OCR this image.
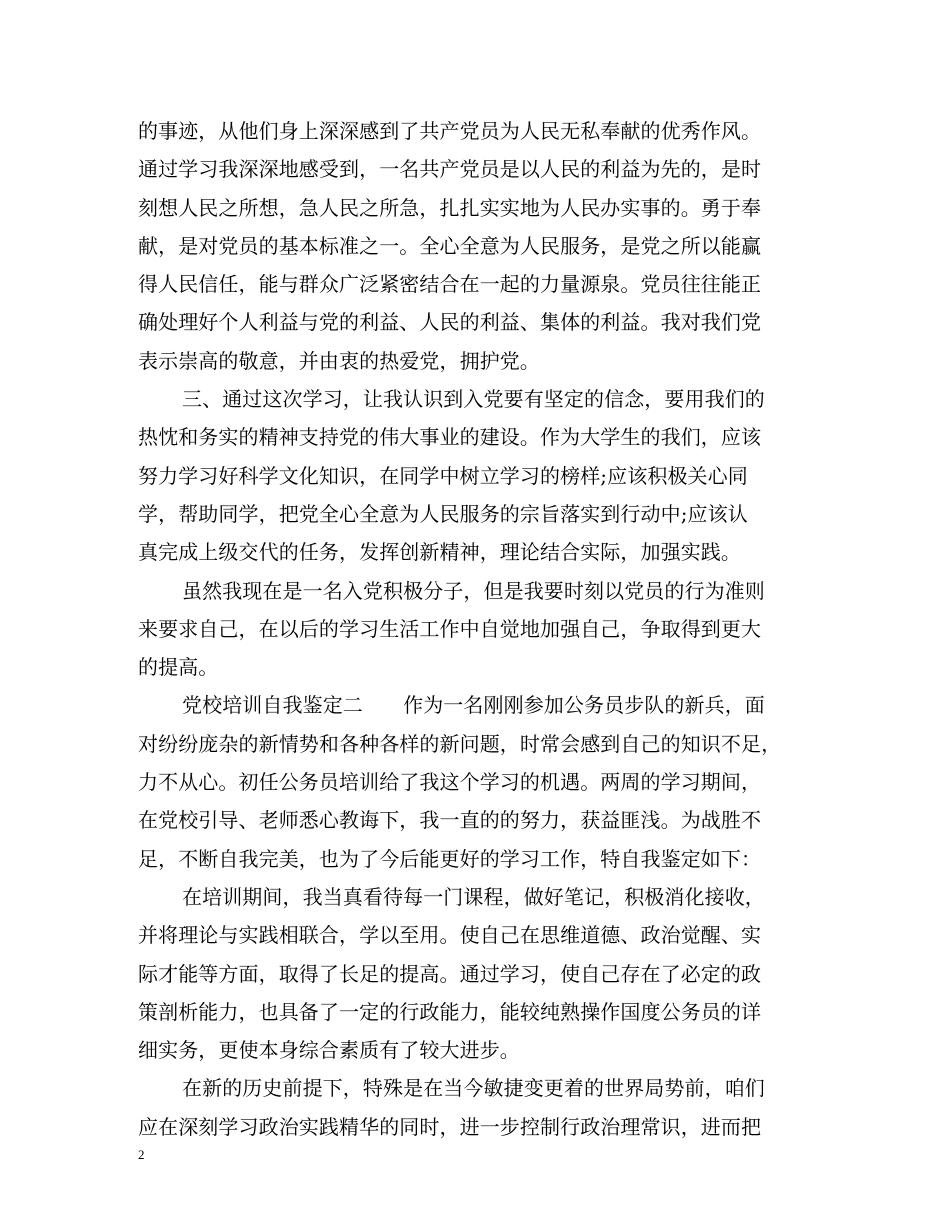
的事迹，从他们身上深深感到了共产党员为人民无私奉献的优秀作风。
通过学习我深深地感受到，一名共产党员是以人民的利益为先的，是时
刻想人民之所想，急人民之所急，扎扎实实地为人民办实事的。勇于奉
献，是对党员的基本标准之一。全心全意为人民服务，是党之所以能赢
得人民信任，能与群众广泛紧密结合在一起的力量源泉。党员往往能正
确处理好个人利益与党的利益、人民的利益、集体的利益。我对我们党
表示崇高的敬意，并由衷的热爱党，拥护党。
三、通过这次学习，让我认识到入党要有坚定的信念，要用我们的
热忱和务实的精神支持党的伟大事业的建设。作为大学生的我们，应该
努力学习好科学文化知识，在同学中树立学习的榜样;应该积极关心同
学，帮助同学，把党全心全意为人民服务的宗旨落实到行动中;应该认
真完成上级交代的任务，发挥创新精神，理论结合实际，加强实践。
虽然我现在是一名入党积极分子，但是我要时刻以党员的行为准则
来要求自己，在以后的学习生活工作中自觉地加强自己，争取得到更大
的提高。
党校培训自我鉴定二　　作为一名刚刚参加公务员步队的新兵，面
对纷纷庞杂的新情势和各种各样的新问题，时常会感到自己的知识不足，
力不从心。初任公务员培训给了我这个学习的机遇。两周的学习期间，
在党校引导、老师悉心教诲下，我一直的的努力，获益匪浅。为战胜不
足，不断自我完美，也为了今后能更好的学习工作，特自我鉴定如下：
在培训期间，我当真看待每一门课程，做好笔记，积极消化接收，
并将理论与实践相联合，学以至用。使自己在思维道德、政治觉醒、实
际才能等方面，取得了长足的提高。通过学习，使自己存在了必定的政
策剖析能力，也具备了一定的行政能力，能较纯熟操作国度公务员的详
细实务，更使本身综合素质有了较大进步。
在新的历史前提下，特殊是在当今敏捷变更着的世界局势前，咱们
应在深刻学习政治实践精华的同时，进一步控制行政治理常识，进而把
2
